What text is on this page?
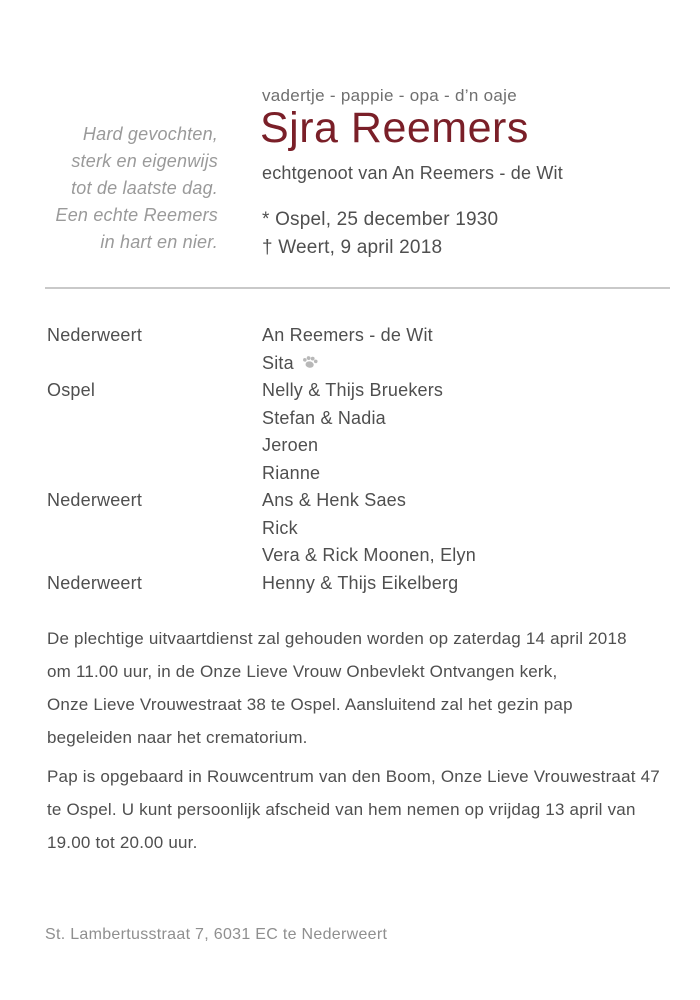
Hard gevochten,
sterk en eigenwijs
tot de laatste dag.
Een echte Reemers
in hart en nier.
vadertje - pappie - opa - d’n oaje
Sjra Reemers
echtgenoot van An Reemers - de Wit
* Ospel, 25 december 1930
† Weert, 9 april 2018
Nederweert	An Reemers - de Wit
Sita
Ospel	Nelly & Thijs Bruekers
Stefan & Nadia
Jeroen
Rianne
Nederweert	Ans & Henk Saes
Rick
Vera & Rick Moonen, Elyn
Nederweert	Henny & Thijs Eikelberg
De plechtige uitvaartdienst zal gehouden worden op zaterdag 14 april 2018
om 11.00 uur, in de Onze Lieve Vrouw Onbevlekt Ontvangen kerk,
Onze Lieve Vrouwestraat 38 te Ospel. Aansluitend zal het gezin pap
begeleiden naar het crematorium.
Pap is opgebaard in Rouwcentrum van den Boom, Onze Lieve Vrouwestraat 47
te Ospel. U kunt persoonlijk afscheid van hem nemen op vrijdag 13 april van
19.00 tot 20.00 uur.
St. Lambertusstraat 7, 6031 EC te Nederweert
